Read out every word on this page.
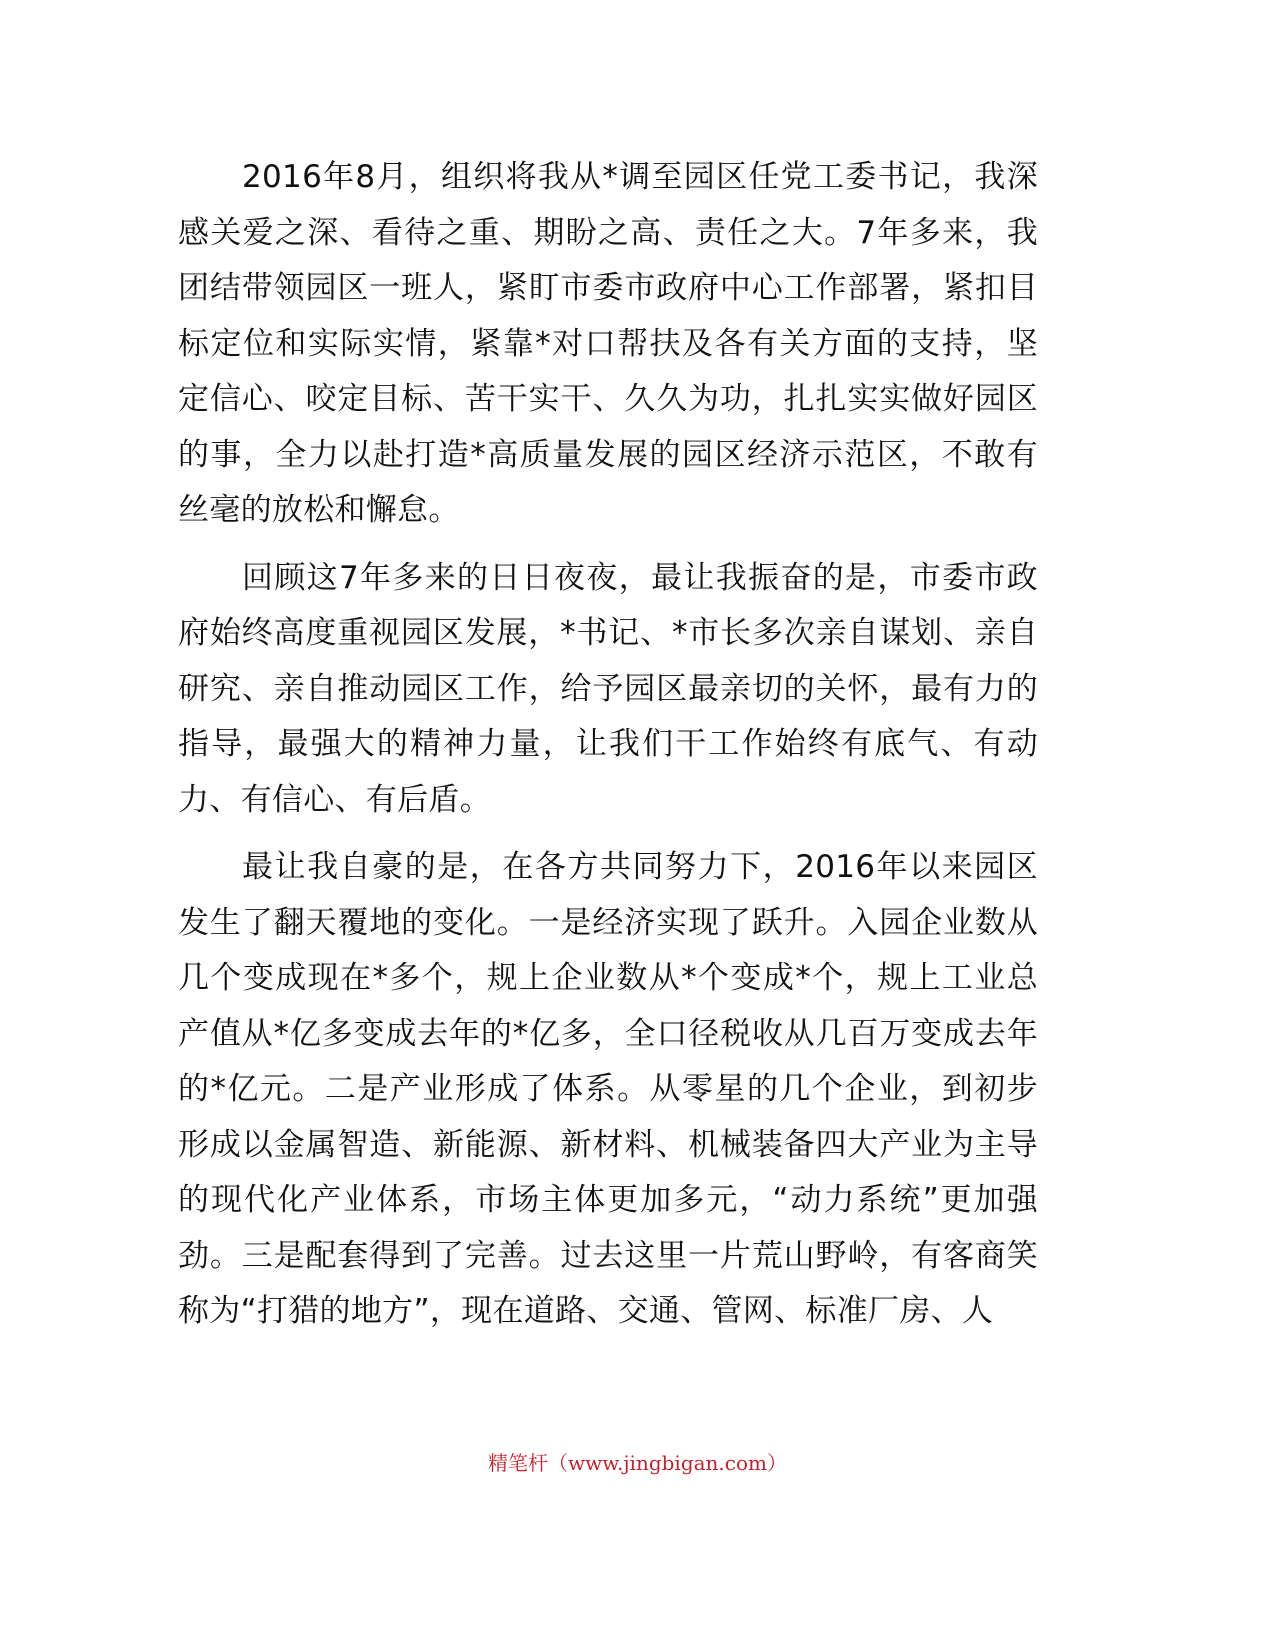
2016年8月，组织将我从*调至园区任党工委书记，我深感关爱之深、看待之重、期盼之高、责任之大。7年多来，我团结带领园区一班人，紧盯市委市政府中心工作部署，紧扣目标定位和实际实情，紧靠*对口帮扶及各有关方面的支持，坚定信心、咬定目标、苦干实干、久久为功，扎扎实实做好园区的事，全力以赴打造*高质量发展的园区经济示范区，不敢有丝毫的放松和懈怠。

回顾这7年多来的日日夜夜，最让我振奋的是，市委市政府始终高度重视园区发展，*书记、*市长多次亲自谋划、亲自研究、亲自推动园区工作，给予园区最亲切的关怀，最有力的指导，最强大的精神力量，让我们干工作始终有底气、有动力、有信心、有后盾。

最让我自豪的是，在各方共同努力下，2016年以来园区发生了翻天覆地的变化。一是经济实现了跃升。入园企业数从几个变成现在*多个，规上企业数从*个变成*个，规上工业总产值从*亿多变成去年的*亿多，全口径税收从几百万变成去年的*亿元。二是产业形成了体系。从零星的几个企业，到初步形成以金属智造、新能源、新材料、机械装备四大产业为主导的现代化产业体系，市场主体更加多元，“动力系统”更加强劲。三是配套得到了完善。过去这里一片荒山野岭，有客商笑称为“打猎的地方”，现在道路、交通、管网、标准厂房、人

精笔杆（www.jingbigan.com）
